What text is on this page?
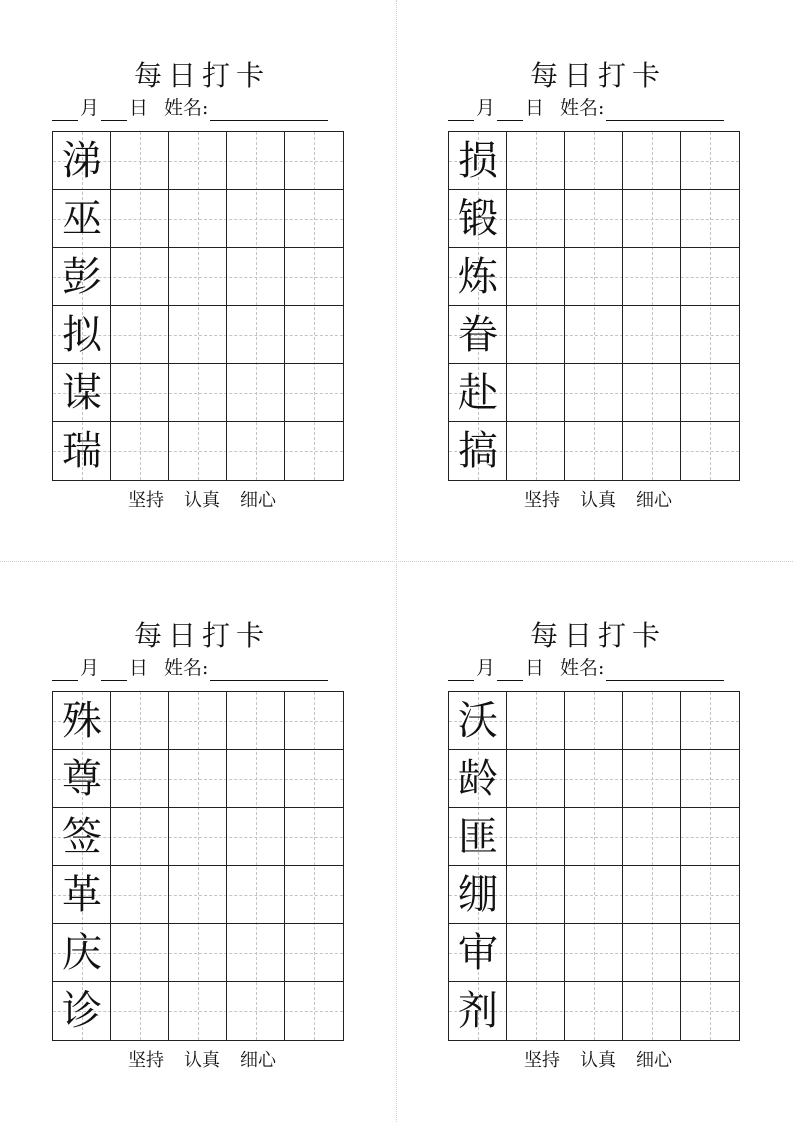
每日打卡
月 日 姓名:
涕
巫
彭
拟
谋
瑞
坚持 认真 细心
每日打卡
月 日 姓名:
损
锻
炼
眷
赴
搞
坚持 认真 细心
每日打卡
月 日 姓名:
殊
尊
签
革
庆
诊
坚持 认真 细心
每日打卡
月 日 姓名:
沃
龄
匪
绷
审
剂
坚持 认真 细心
